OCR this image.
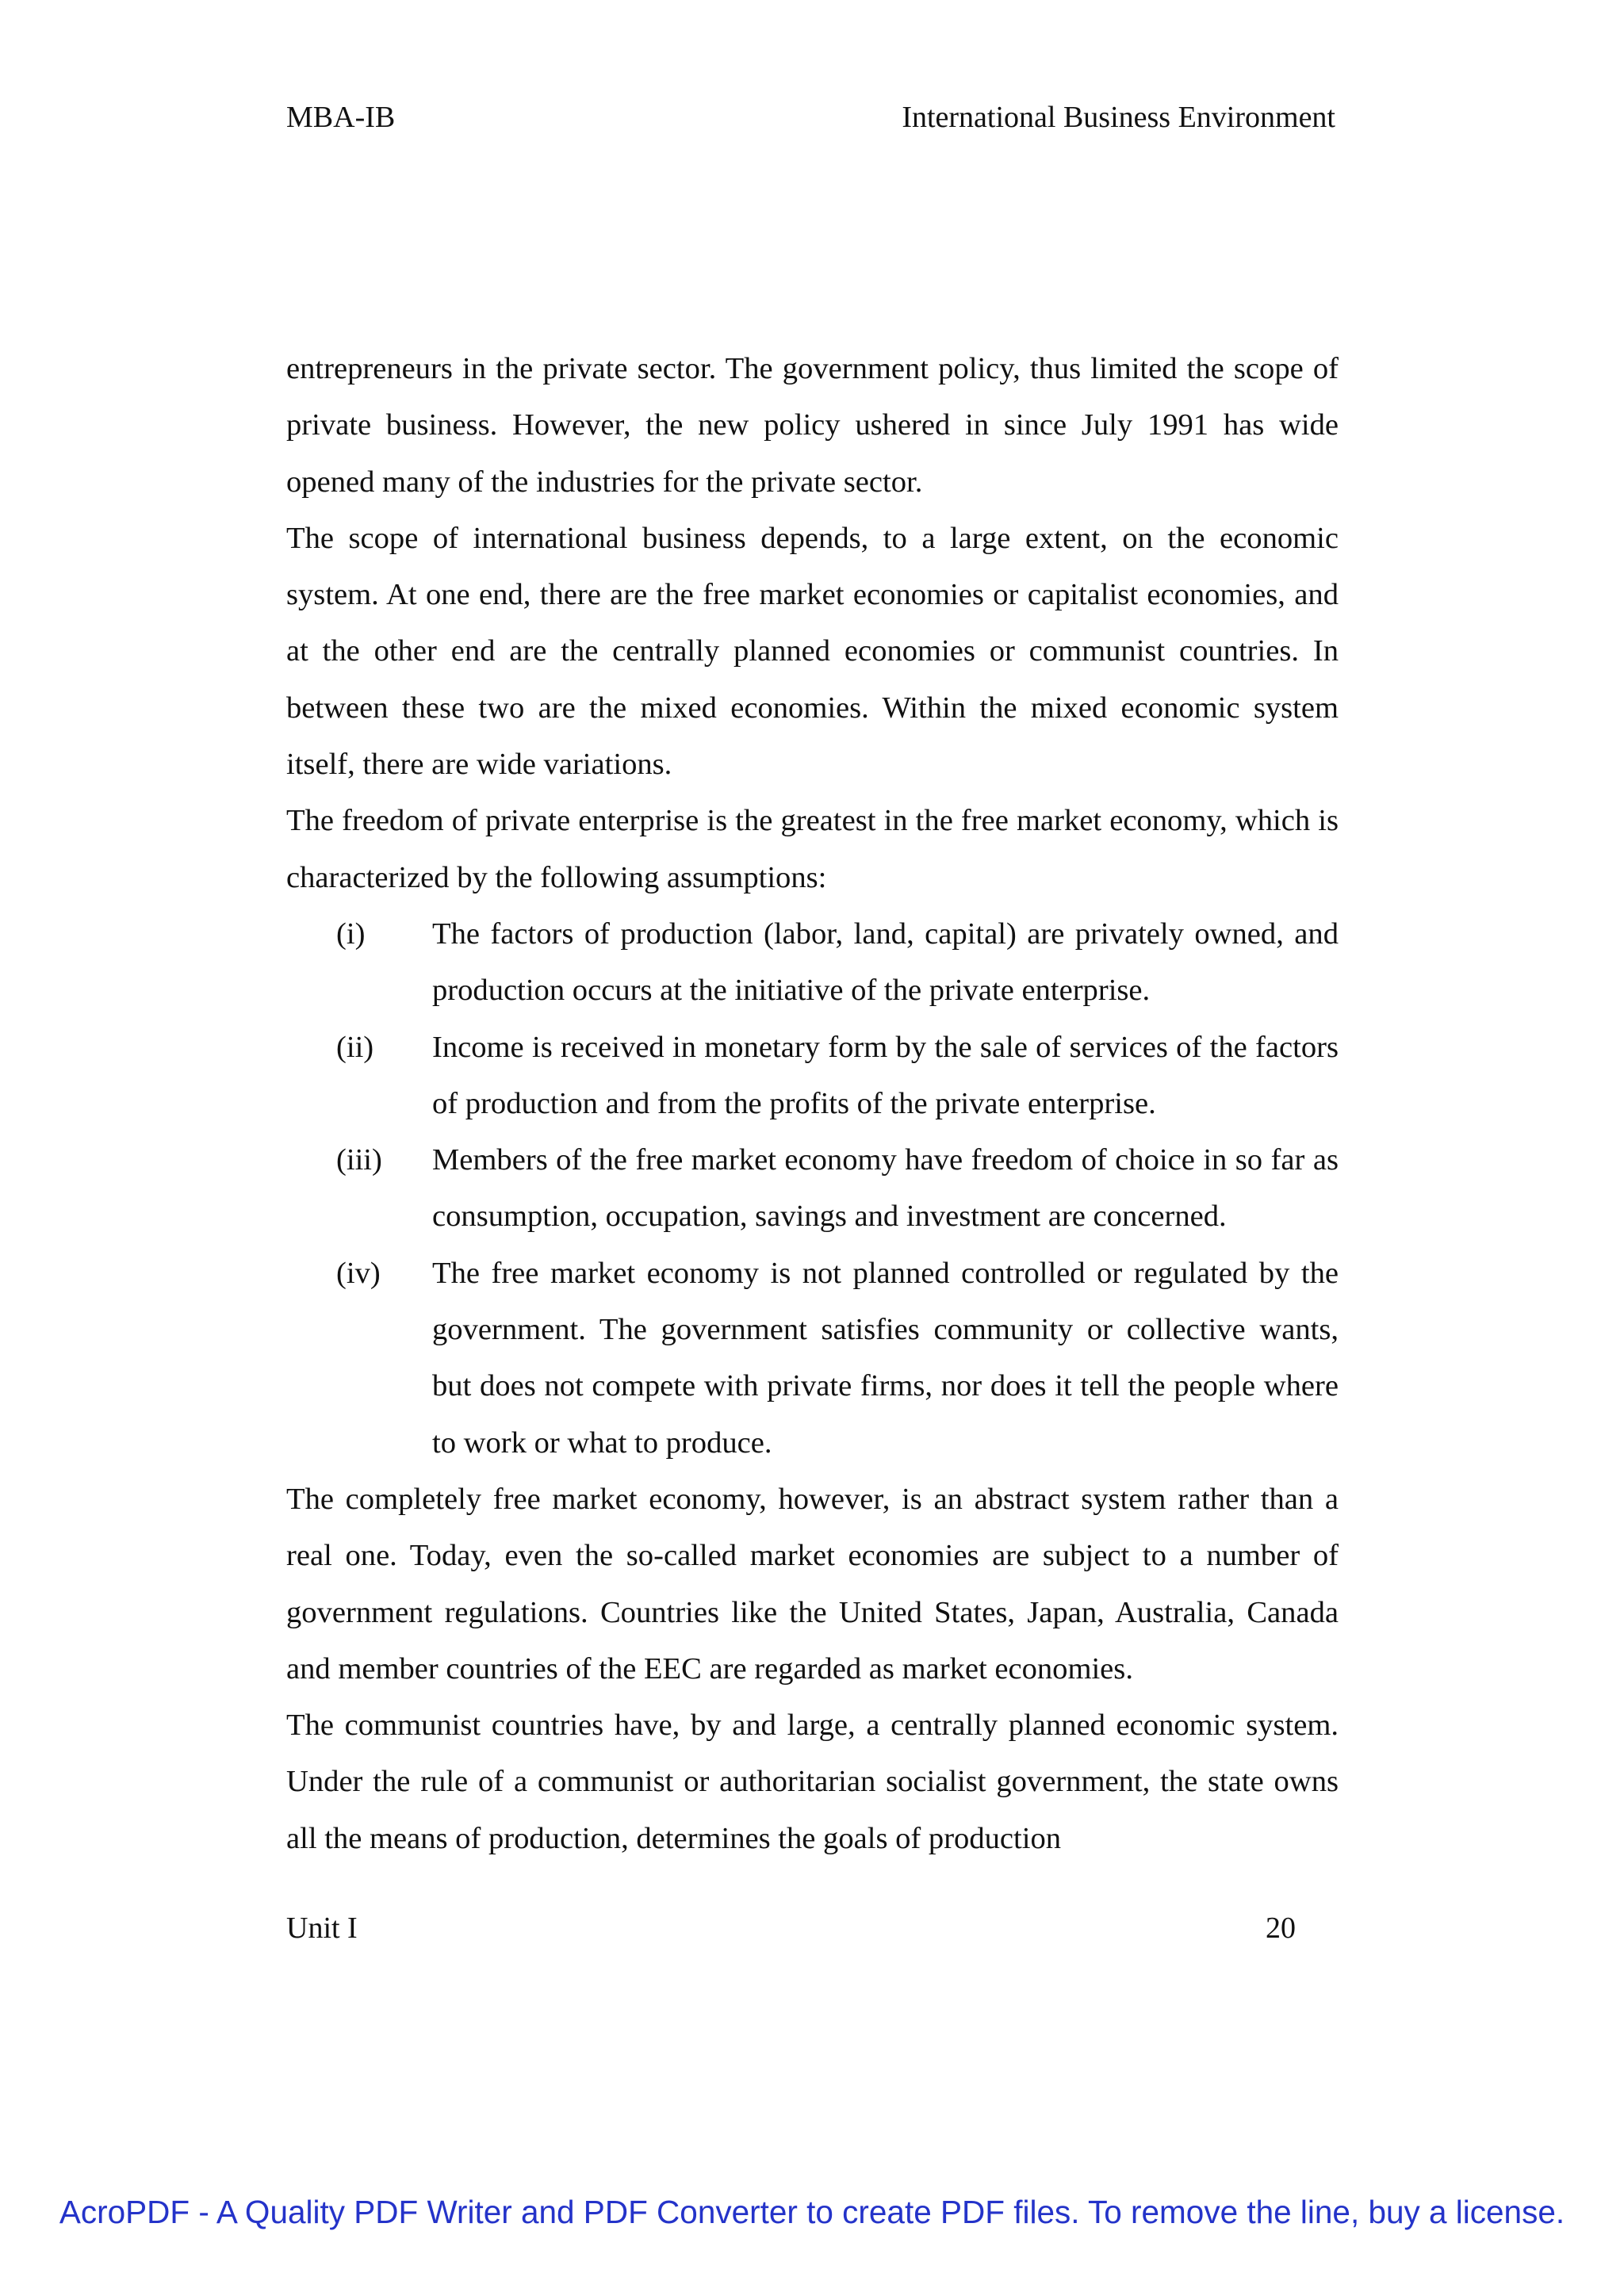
MBA-IB	International Business Environment

entrepreneurs in the private sector. The government policy, thus limited the scope of private business. However, the new policy ushered in since July 1991 has wide opened many of the industries for the private sector.

The scope of international business depends, to a large extent, on the economic system. At one end, there are the free market economies or capitalist economies, and at the other end are the centrally planned economies or communist countries. In between these two are the mixed economies. Within the mixed economic system itself, there are wide variations.

The freedom of private enterprise is the greatest in the free market economy, which is characterized by the following assumptions:

(i)	The factors of production (labor, land, capital) are privately owned, and production occurs at the initiative of the private enterprise.
(ii)	Income is received in monetary form by the sale of services of the factors of production and from the profits of the private enterprise.
(iii)	Members of the free market economy have freedom of choice in so far as consumption, occupation, savings and investment are concerned.
(iv)	The free market economy is not planned controlled or regulated by the government. The government satisfies community or collective wants, but does not compete with private firms, nor does it tell the people where to work or what to produce.

The completely free market economy, however, is an abstract system rather than a real one. Today, even the so-called market economies are subject to a number of government regulations. Countries like the United States, Japan, Australia, Canada and member countries of the EEC are regarded as market economies.

The communist countries have, by and large, a centrally planned economic system. Under the rule of a communist or authoritarian socialist government, the state owns all the means of production, determines the goals of production

Unit I	20
AcroPDF - A Quality PDF Writer and PDF Converter to create PDF files. To remove the line, buy a license.
